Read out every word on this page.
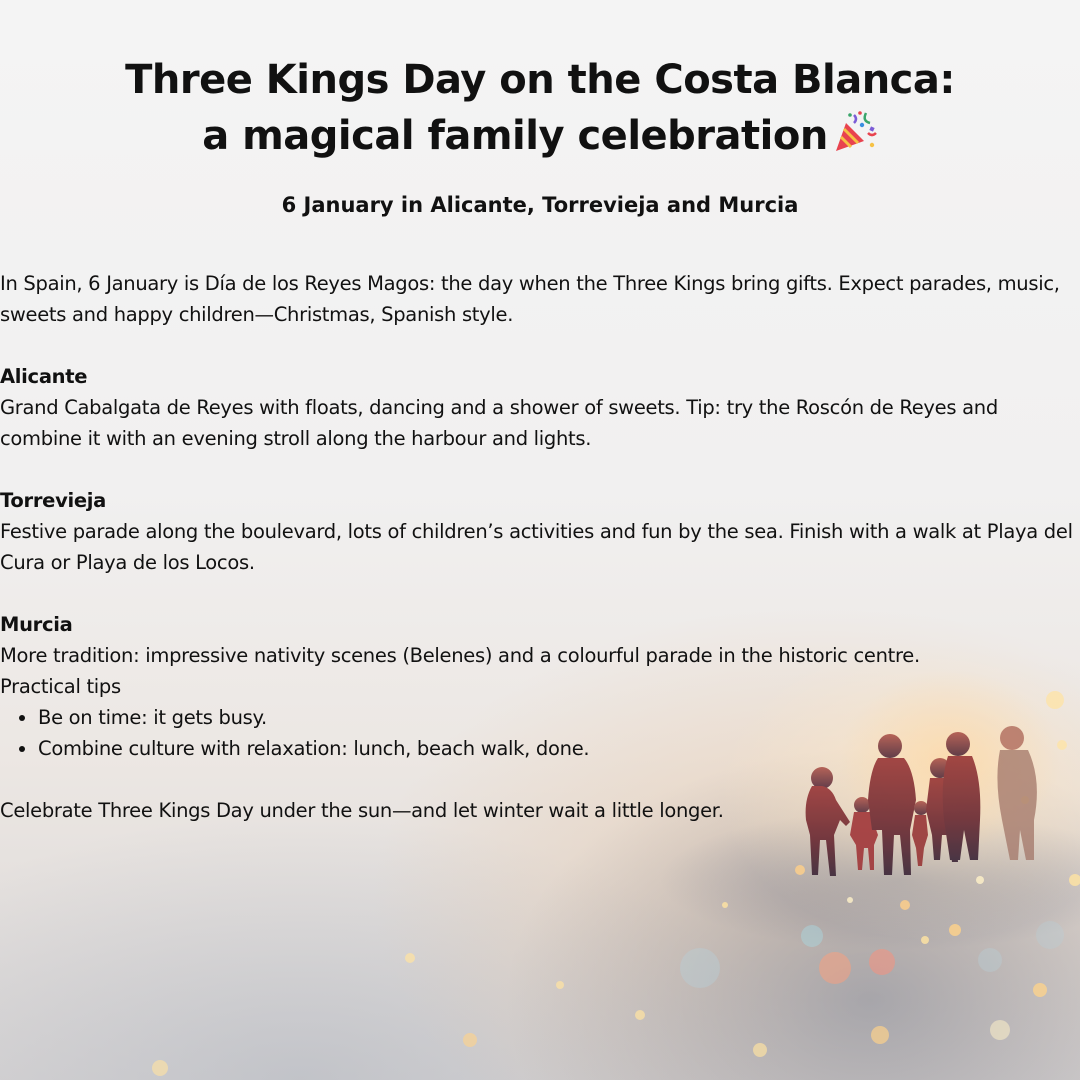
Three Kings Day on the Costa Blanca:
a magical family celebration
6 January in Alicante, Torrevieja and Murcia

In Spain, 6 January is Día de los Reyes Magos: the day when the Three Kings bring gifts. Expect parades, music, sweets and happy children—Christmas, Spanish style.

Alicante

Grand Cabalgata de Reyes with floats, dancing and a shower of sweets. Tip: try the Roscón de Reyes and combine it with an evening stroll along the harbour and lights.

Torrevieja

Festive parade along the boulevard, lots of children’s activities and fun by the sea. Finish with a walk at Playa del Cura or Playa de los Locos.

Murcia

More tradition: impressive nativity scenes (Belenes) and a colourful parade in the historic centre.

Practical tips

• Be on time: it gets busy.
• Combine culture with relaxation: lunch, beach walk, done.

Celebrate Three Kings Day under the sun—and let winter wait a little longer.
